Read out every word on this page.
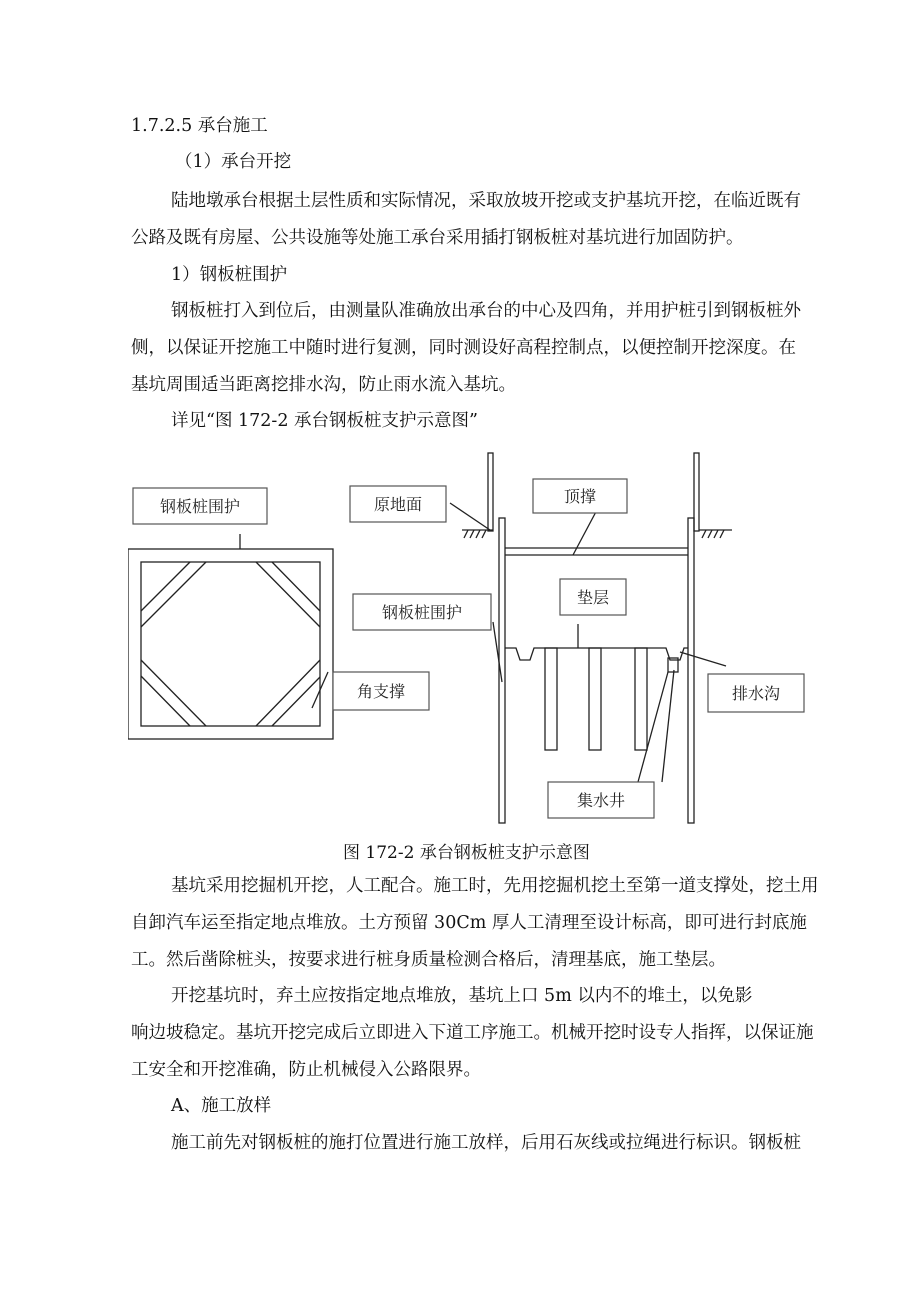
1.7.2.5 承台施工
（1）承台开挖
陆地墩承台根据土层性质和实际情况，采取放坡开挖或支护基坑开挖，在临近既有
公路及既有房屋、公共设施等处施工承台采用插打钢板桩对基坑进行加固防护。
1）钢板桩围护
钢板桩打入到位后，由测量队准确放出承台的中心及四角，并用护桩引到钢板桩外
侧，以保证开挖施工中随时进行复测，同时测设好高程控制点，以便控制开挖深度。在
基坑周围适当距离挖排水沟，防止雨水流入基坑。
详见“图 172-2 承台钢板桩支护示意图”
钢板桩围护
角支撑
原地面	顶撑
钢板桩围护
垫层
排水沟
集水井
图 172-2 承台钢板桩支护示意图
基坑采用挖掘机开挖，人工配合。施工时，先用挖掘机挖土至第一道支撑处，挖土用
自卸汽车运至指定地点堆放。土方预留 30Cm 厚人工清理至设计标高，即可进行封底施
工。然后凿除桩头，按要求进行桩身质量检测合格后，清理基底，施工垫层。
开挖基坑时，弃土应按指定地点堆放，基坑上口 5m 以内不的堆土，以免影
响边坡稳定。基坑开挖完成后立即进入下道工序施工。机械开挖时设专人指挥，以保证施
工安全和开挖准确，防止机械侵入公路限界。
A、施工放样
施工前先对钢板桩的施打位置进行施工放样，后用石灰线或拉绳进行标识。钢板桩
